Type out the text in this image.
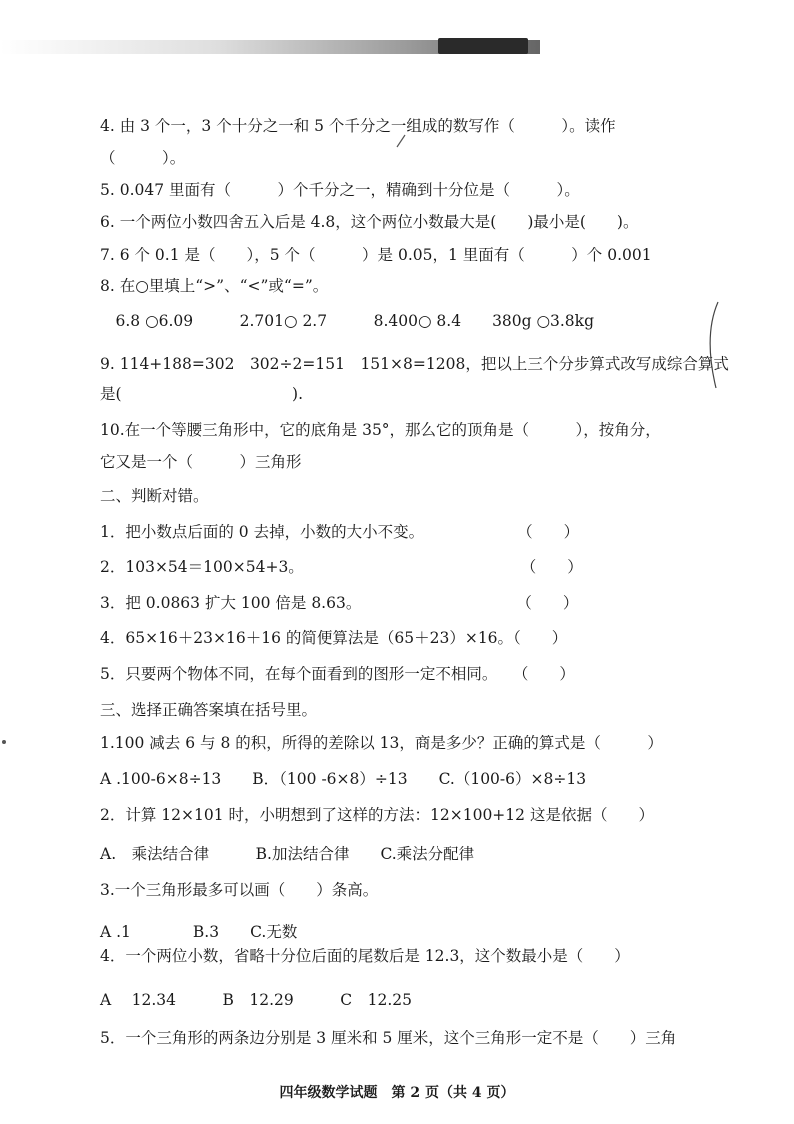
4. 由 3 个一，3 个十分之一和 5 个千分之一组成的数写作（　　　）。读作
（　　　）。
5. 0.047 里面有（　　　）个千分之一，精确到十分位是（　　　）。
6. 一个两位小数四舍五入后是 4.8，这个两位小数最大是(　　)最小是(　　)。
7. 6 个 0.1 是（　　），5 个（　　　）是 0.05，1 里面有（　　　）个 0.001
8. 在○里填上“>”、“<”或“=”。
　6.8 ○6.09　　　2.701○ 2.7　　　8.400○ 8.4　　380g ○3.8kg
9. 114+188=302　302÷2=151　151×8=1208，把以上三个分步算式改写成综合算式
是(　　　　　　　　　　　).
10.在一个等腰三角形中，它的底角是 35°，那么它的顶角是（　　　），按角分，
它又是一个（　　　）三角形
二、判断对错。
1．把小数点后面的 0 去掉，小数的大小不变。　　　　　　　（　　）
2．103×54＝100×54+3。　　　　　　　　　　　　　　　（　　）
3．把 0.0863 扩大 100 倍是 8.63。　　　　　　　　　　　（　　）
4．65×16＋23×16＋16 的简便算法是（65＋23）×16。（　　）
5．只要两个物体不同，在每个面看到的图形一定不相同。　　（　　）
三、选择正确答案填在括号里。
1.100 减去 6 与 8 的积，所得的差除以 13，商是多少？正确的算式是（　　　）
A .100-6×8÷13　　B．（100 -6×8）÷13　　C.（100-6）×8÷13
2．计算 12×101 时，小明想到了这样的方法：12×100+12 这是依据（　　）
A.　乘法结合律　　　B.加法结合律　　C.乘法分配律
3.一个三角形最多可以画（　　）条高。
A .1　　　　B.3　　C.无数
4．一个两位小数，省略十分位后面的尾数后是 12.3，这个数最小是（　　）
A　 12.34　　　B　12.29　　　C　12.25
5．一个三角形的两条边分别是 3 厘米和 5 厘米，这个三角形一定不是（　　）三角
四年级数学试题　第 2 页（共 4 页）
